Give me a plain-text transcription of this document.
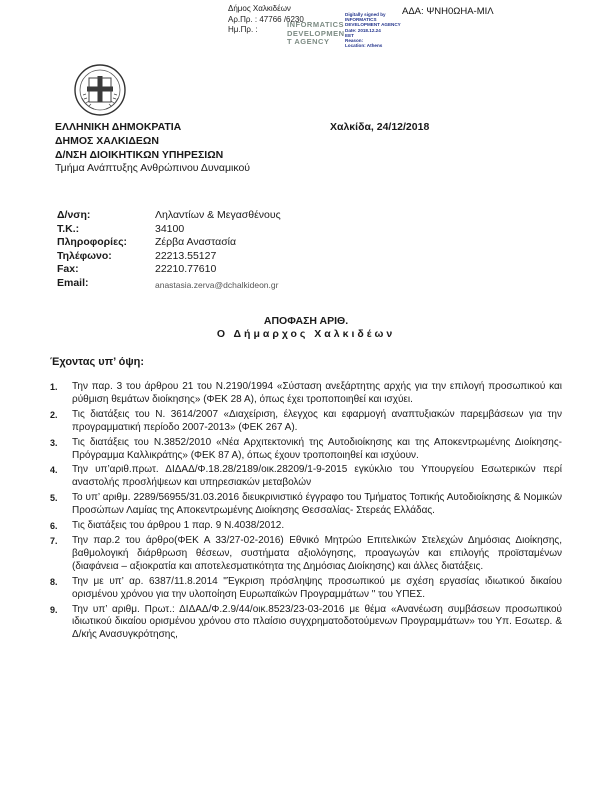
Δήμος Χαλκιδέων
Αρ.Πρ. : 47766 /6230
Ημ.Πρ. :
INFORMATICS
DEVELOPMEN
T AGENCY
Digitally signed by
INFORMATICS
DEVELOPMENT AGENCY
Date: 2018.12.24
EET
Reason:
Location: Athens
ΑΔΑ: ΨΝΗ0ΩΗΑ-ΜΙΛ
ΕΛΛΗΝΙΚΗ ΔΗΜΟΚΡΑΤΙΑ
ΔΗΜΟΣ ΧΑΛΚΙΔΕΩΝ
Δ/ΝΣΗ ΔΙΟΙΚΗΤΙΚΩΝ ΥΠΗΡΕΣΙΩΝ
Τμήμα Ανάπτυξης Ανθρώπινου Δυναμικού
Χαλκίδα, 24/12/2018
Δ/νση:	Ληλαντίων & Μεγασθένους
Τ.Κ.:	34100
Πληροφορίες:	Ζέρβα Αναστασία
Τηλέφωνο:	22213.55127
Fax:	22210.77610
Email:	anastasia.zerva@dchalkideon.gr
ΑΠΟΦΑΣΗ ΑΡΙΘ.
Ο Δήμαρχος Χαλκιδέων
Έχοντας υπ’ όψη:
1. Την παρ. 3 του άρθρου 21 του Ν.2190/1994 «Σύσταση ανεξάρτητης αρχής για την επιλογή προσωπικού και ρύθμιση θεμάτων διοίκησης» (ΦΕΚ 28 Α), όπως έχει τροποποιηθεί και ισχύει.
2. Τις διατάξεις του Ν. 3614/2007 «Διαχείριση, έλεγχος και εφαρμογή αναπτυξιακών παρεμβάσεων για την προγραμματική περίοδο 2007-2013» (ΦΕΚ 267 Α).
3. Τις διατάξεις του Ν.3852/2010 «Νέα Αρχιτεκτονική της Αυτοδιοίκησης και της Αποκεντρωμένης Διοίκησης- Πρόγραμμα Καλλικράτης» (ΦΕΚ 87 Α), όπως έχουν τροποποιηθεί και ισχύουν.
4. Την υπ’αριθ.πρωτ. ΔΙΔΑΔ/Φ.18.28/2189/οικ.28209/1-9-2015 εγκύκλιο του Υπουργείου Εσωτερικών περί αναστολής προσλήψεων και υπηρεσιακών μεταβολών
5. Το υπ’ αριθμ. 2289/56955/31.03.2016 διευκρινιστικό έγγραφο του Τμήματος Τοπικής Αυτοδιοίκησης & Νομικών Προσώπων Λαμίας της Αποκεντρωμένης Διοίκησης Θεσσαλίας- Στερεάς Ελλάδας.
6. Τις διατάξεις του άρθρου 1 παρ. 9 Ν.4038/2012.
7. Την παρ.2 του άρθρο(ΦΕΚ Α 33/27-02-2016) Εθνικό Μητρώο Επιτελικών Στελεχών Δημόσιας Διοίκησης, βαθμολογική διάρθρωση θέσεων, συστήματα αξιολόγησης, προαγωγών και επιλογής προϊσταμένων (διαφάνεια – αξιοκρατία και αποτελεσματικότητα της Δημόσιας Διοίκησης) και άλλες διατάξεις.
8. Την με υπ’ αρ. 6387/11.8.2014 "Έγκριση πρόσληψης προσωπικού με σχέση εργασίας ιδιωτικού δικαίου ορισμένου χρόνου για την υλοποίηση Ευρωπαϊκών Προγραμμάτων " του ΥΠΕΣ.
9. Την υπ’ αριθμ. Πρωτ.: ΔΙΔΑΔ/Φ.2.9/44/οικ.8523/23-03-2016 με θέμα «Ανανέωση συμβάσεων προσωπικού ιδιωτικού δικαίου ορισμένου χρόνου στο πλαίσιο συγχρηματοδοτούμενων Προγραμμάτων» του Υπ. Εσωτερ. & Δ/κής Ανασυγκρότησης,
